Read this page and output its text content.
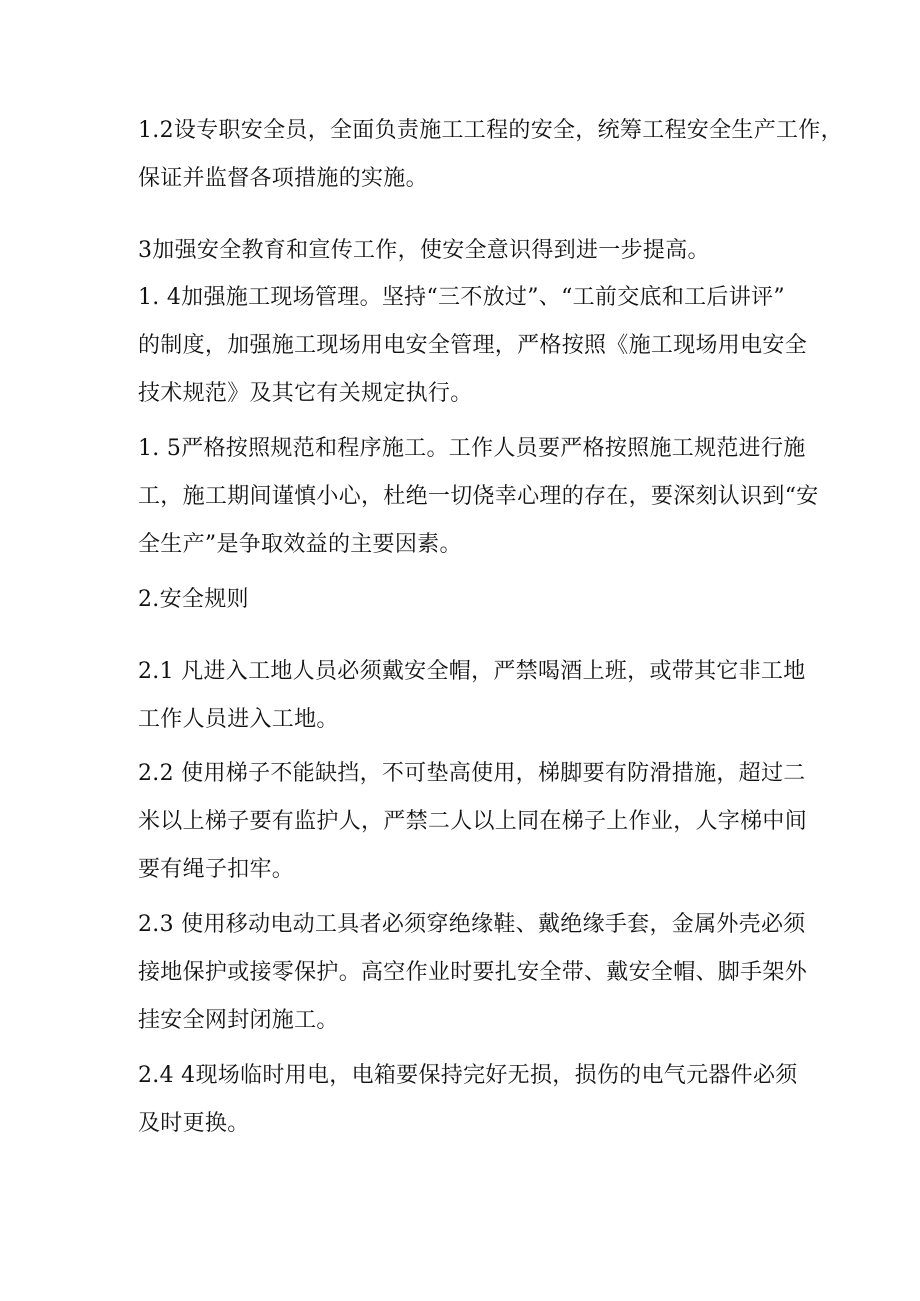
1.2设专职安全员，全面负责施工工程的安全，统筹工程安全生产工作，

保证并监督各项措施的实施。

3加强安全教育和宣传工作，使安全意识得到进一步提高。

1. 4加强施工现场管理。坚持“三不放过”、“工前交底和工后讲评”

的制度，加强施工现场用电安全管理，严格按照《施工现场用电安全

技术规范》及其它有关规定执行。

1. 5严格按照规范和程序施工。工作人员要严格按照施工规范进行施

工，施工期间谨慎小心，杜绝一切侥幸心理的存在，要深刻认识到“安

全生产”是争取效益的主要因素。

2.安全规则

2.1 凡进入工地人员必须戴安全帽，严禁喝酒上班，或带其它非工地

工作人员进入工地。

2.2 使用梯子不能缺挡，不可垫高使用，梯脚要有防滑措施，超过二

米以上梯子要有监护人，严禁二人以上同在梯子上作业，人字梯中间

要有绳子扣牢。

2.3 使用移动电动工具者必须穿绝缘鞋、戴绝缘手套，金属外壳必须

接地保护或接零保护。高空作业时要扎安全带、戴安全帽、脚手架外

挂安全网封闭施工。

2.4 4现场临时用电，电箱要保持完好无损，损伤的电气元器件必须

及时更换。
